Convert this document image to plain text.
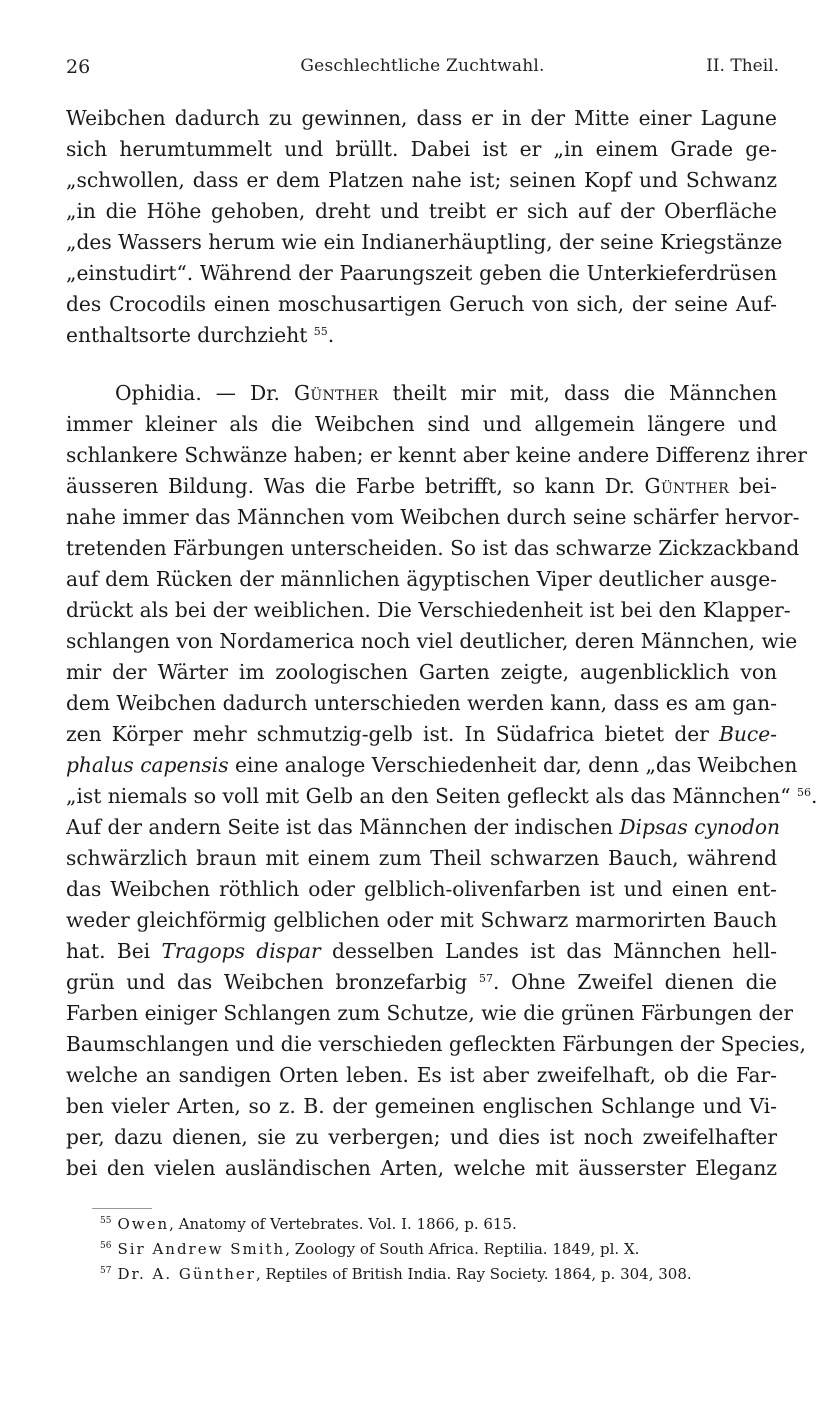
26	Geschlechtliche Zuchtwahl.	II. Theil.
Weibchen dadurch zu gewinnen, dass er in der Mitte einer Lagune
sich herumtummelt und brüllt. Dabei ist er „in einem Grade ge-
„schwollen, dass er dem Platzen nahe ist; seinen Kopf und Schwanz
„in die Höhe gehoben, dreht und treibt er sich auf der Oberfläche
„des Wassers herum wie ein Indianerhäuptling, der seine Kriegstänze
„einstudirt“. Während der Paarungszeit geben die Unterkieferdrüsen
des Crocodils einen moschusartigen Geruch von sich, der seine Auf-
enthaltsorte durchzieht $^{55}$.
Ophidia. — Dr. Günther theilt mir mit, dass die Männchen
immer kleiner als die Weibchen sind und allgemein längere und
schlankere Schwänze haben; er kennt aber keine andere Differenz ihrer
äusseren Bildung. Was die Farbe betrifft, so kann Dr. Günther bei-
nahe immer das Männchen vom Weibchen durch seine schärfer hervor-
tretenden Färbungen unterscheiden. So ist das schwarze Zickzackband
auf dem Rücken der männlichen ägyptischen Viper deutlicher ausge-
drückt als bei der weiblichen. Die Verschiedenheit ist bei den Klapper-
schlangen von Nordamerica noch viel deutlicher, deren Männchen, wie
mir der Wärter im zoologischen Garten zeigte, augenblicklich von
dem Weibchen dadurch unterschieden werden kann, dass es am gan-
zen Körper mehr schmutzig-gelb ist. In Südafrica bietet der Buce-
phalus capensis eine analoge Verschiedenheit dar, denn „das Weibchen
„ist niemals so voll mit Gelb an den Seiten gefleckt als das Männchen“ $^{56}$.
Auf der andern Seite ist das Männchen der indischen Dipsas cynodon
schwärzlich braun mit einem zum Theil schwarzen Bauch, während
das Weibchen röthlich oder gelblich-olivenfarben ist und einen ent-
weder gleichförmig gelblichen oder mit Schwarz marmorirten Bauch
hat. Bei Tragops dispar desselben Landes ist das Männchen hell-
grün und das Weibchen bronzefarbig $^{57}$. Ohne Zweifel dienen die
Farben einiger Schlangen zum Schutze, wie die grünen Färbungen der
Baumschlangen und die verschieden gefleckten Färbungen der Species,
welche an sandigen Orten leben. Es ist aber zweifelhaft, ob die Far-
ben vieler Arten, so z. B. der gemeinen englischen Schlange und Vi-
per, dazu dienen, sie zu verbergen; und dies ist noch zweifelhafter
bei den vielen ausländischen Arten, welche mit äusserster Eleganz
$^{55}$ Owen, Anatomy of Vertebrates. Vol. I. 1866, p. 615.
$^{56}$ Sir Andrew Smith, Zoology of South Africa. Reptilia. 1849, pl. X.
$^{57}$ Dr. A. Günther, Reptiles of British India. Ray Society. 1864, p. 304, 308.
